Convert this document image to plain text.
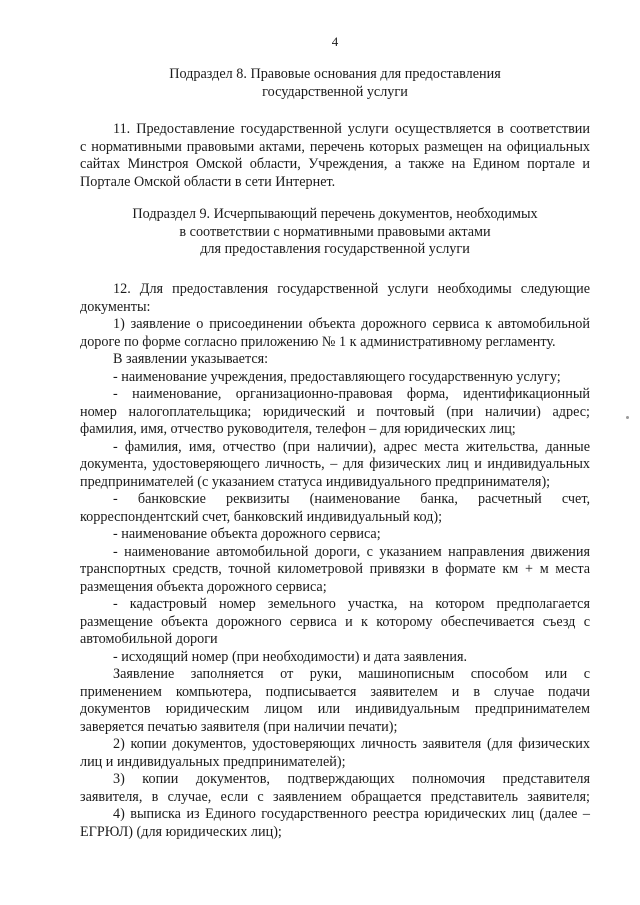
4
Подраздел 8. Правовые основания для предоставления
государственной услуги
11. Предоставление государственной услуги осуществляется в соответствии
с нормативными правовыми актами, перечень которых размещен на официальных
сайтах Минстроя Омской области, Учреждения, а также на Едином портале и
Портале Омской области в сети Интернет.
12. Для предоставления государственной услуги необходимы следующие
документы:
1) заявление о присоединении объекта дорожного сервиса к автомобильной
дороге по форме согласно приложению № 1 к административному регламенту.
В заявлении указывается:
- наименование учреждения, предоставляющего государственную услугу;
- наименование, организационно-правовая форма, идентификационный
номер налогоплательщика; юридический и почтовый (при наличии) адрес;
фамилия, имя, отчество руководителя, телефон – для юридических лиц;
- фамилия, имя, отчество (при наличии), адрес места жительства, данные
документа, удостоверяющего личность, – для физических лиц и индивидуальных
предпринимателей (с указанием статуса индивидуального предпринимателя);
- банковские реквизиты (наименование банка, расчетный счет,
корреспондентский счет, банковский индивидуальный код);
- наименование объекта дорожного сервиса;
- наименование автомобильной дороги, с указанием направления движения
транспортных средств, точной километровой привязки в формате км + м места
размещения объекта дорожного сервиса;
- кадастровый номер земельного участка, на котором предполагается
размещение объекта дорожного сервиса и к которому обеспечивается съезд с
автомобильной дороги
- исходящий номер (при необходимости) и дата заявления.
Заявление заполняется от руки, машинописным способом или с
применением компьютера, подписывается заявителем и в случае подачи
документов юридическим лицом или индивидуальным предпринимателем
заверяется печатью заявителя (при наличии печати);
2) копии документов, удостоверяющих личность заявителя (для физических
лиц и индивидуальных предпринимателей);
3) копии документов, подтверждающих полномочия представителя
заявителя, в случае, если с заявлением обращается представитель заявителя;
4) выписка из Единого государственного реестра юридических лиц (далее –
ЕГРЮЛ) (для юридических лиц);
Подраздел 9. Исчерпывающий перечень документов, необходимых
в соответствии с нормативными правовыми актами
для предоставления государственной услуги
